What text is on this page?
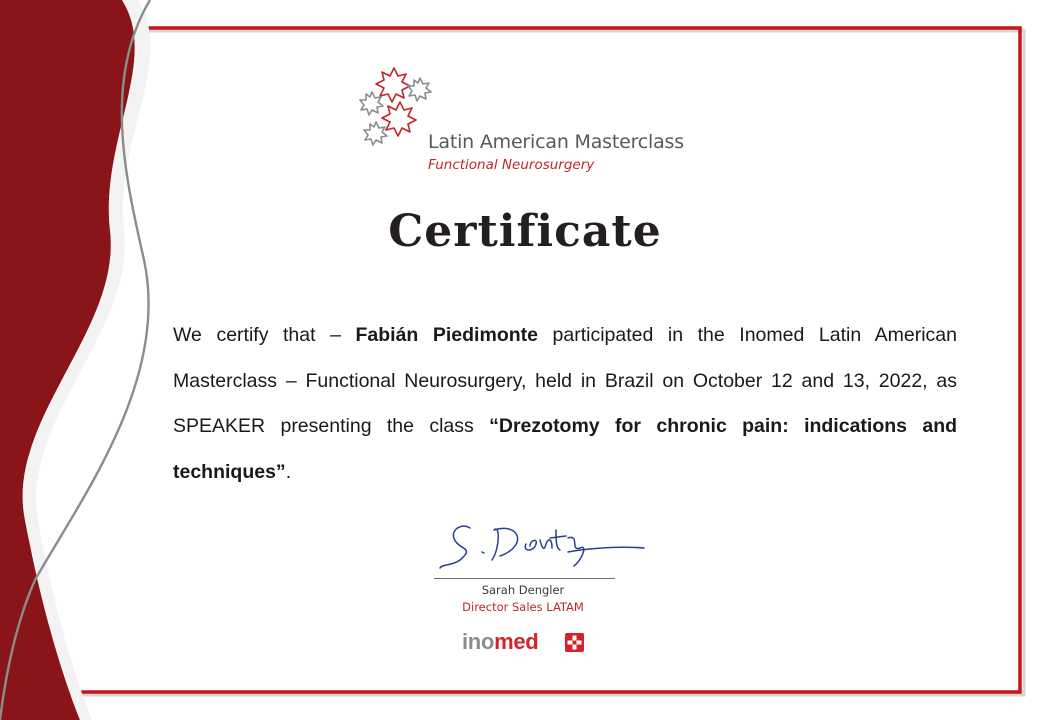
Latin American Masterclass
Functional Neurosurgery
Certificate
We certify that – Fabián Piedimonte participated in the Inomed Latin American Masterclass – Functional Neurosurgery, held in Brazil on October 12 and 13, 2022, as SPEAKER presenting the class “Drezotomy for chronic pain: indications and techniques”.
Sarah Dengler
Director Sales LATAM
inomed
